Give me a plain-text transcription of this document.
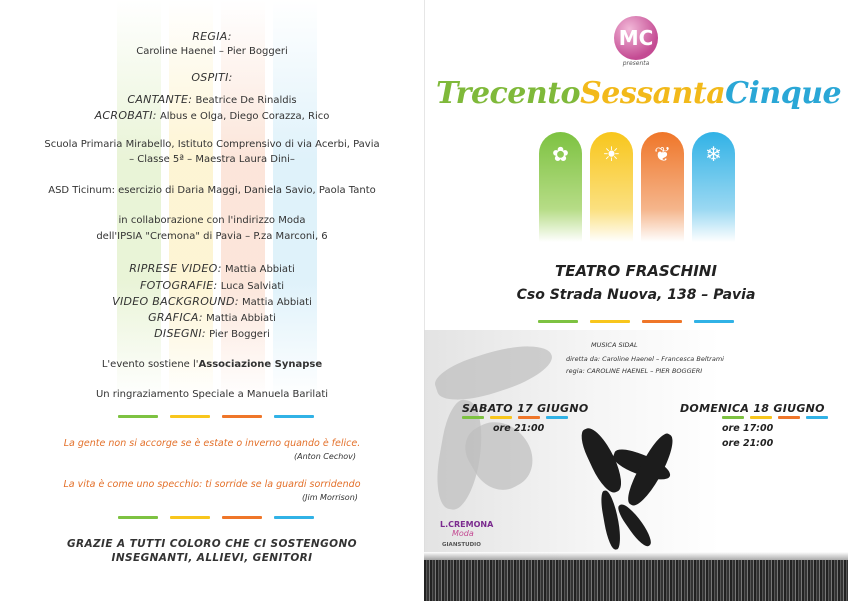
REGIA:
Caroline Haenel – Pier Boggeri
OSPITI:
CANTANTE: Beatrice De Rinaldis
ACROBATI: Albus e Olga, Diego Corazza, Rico
Scuola Primaria Mirabello, Istituto Comprensivo di via Acerbi, Pavia
– Classe 5ª – Maestra Laura Dini–
ASD Ticinum: esercizio di Daria Maggi, Daniela Savio, Paola Tanto
in collaborazione con l'indirizzo Moda
dell'IPSIA "Cremona" di Pavia – P.za Marconi, 6
RIPRESE VIDEO: Mattia Abbiati
FOTOGRAFIE: Luca Salviati
VIDEO BACKGROUND: Mattia Abbiati
GRAFICA: Mattia Abbiati
DISEGNI: Pier Boggeri
L'evento sostiene l'Associazione Synapse
Un ringraziamento Speciale a Manuela Barilati
La gente non si accorge se è estate o inverno quando è felice.
(Anton Cechov)
La vita è come uno specchio: ti sorride se la guardi sorridendo
(Jim Morrison)
GRAZIE A TUTTI COLORO CHE CI SOSTENGONO
INSEGNANTI, ALLIEVI, GENITORI
MC
presenta
TrecentoSessantaCinque
✿	☀	❦	❄
TEATRO FRASCHINI
Cso Strada Nuova, 138 – Pavia
MUSICA SIDAL
diretta da: Caroline Haenel – Francesca Beltrami
regia: CAROLINE HAENEL – PIER BOGGERI
SABATO 17 GIUGNO
ore 21:00
DOMENICA 18 GIUGNO
ore 17:00
ore 21:00
L.CREMONA
Moda
GIANSTUDIO
